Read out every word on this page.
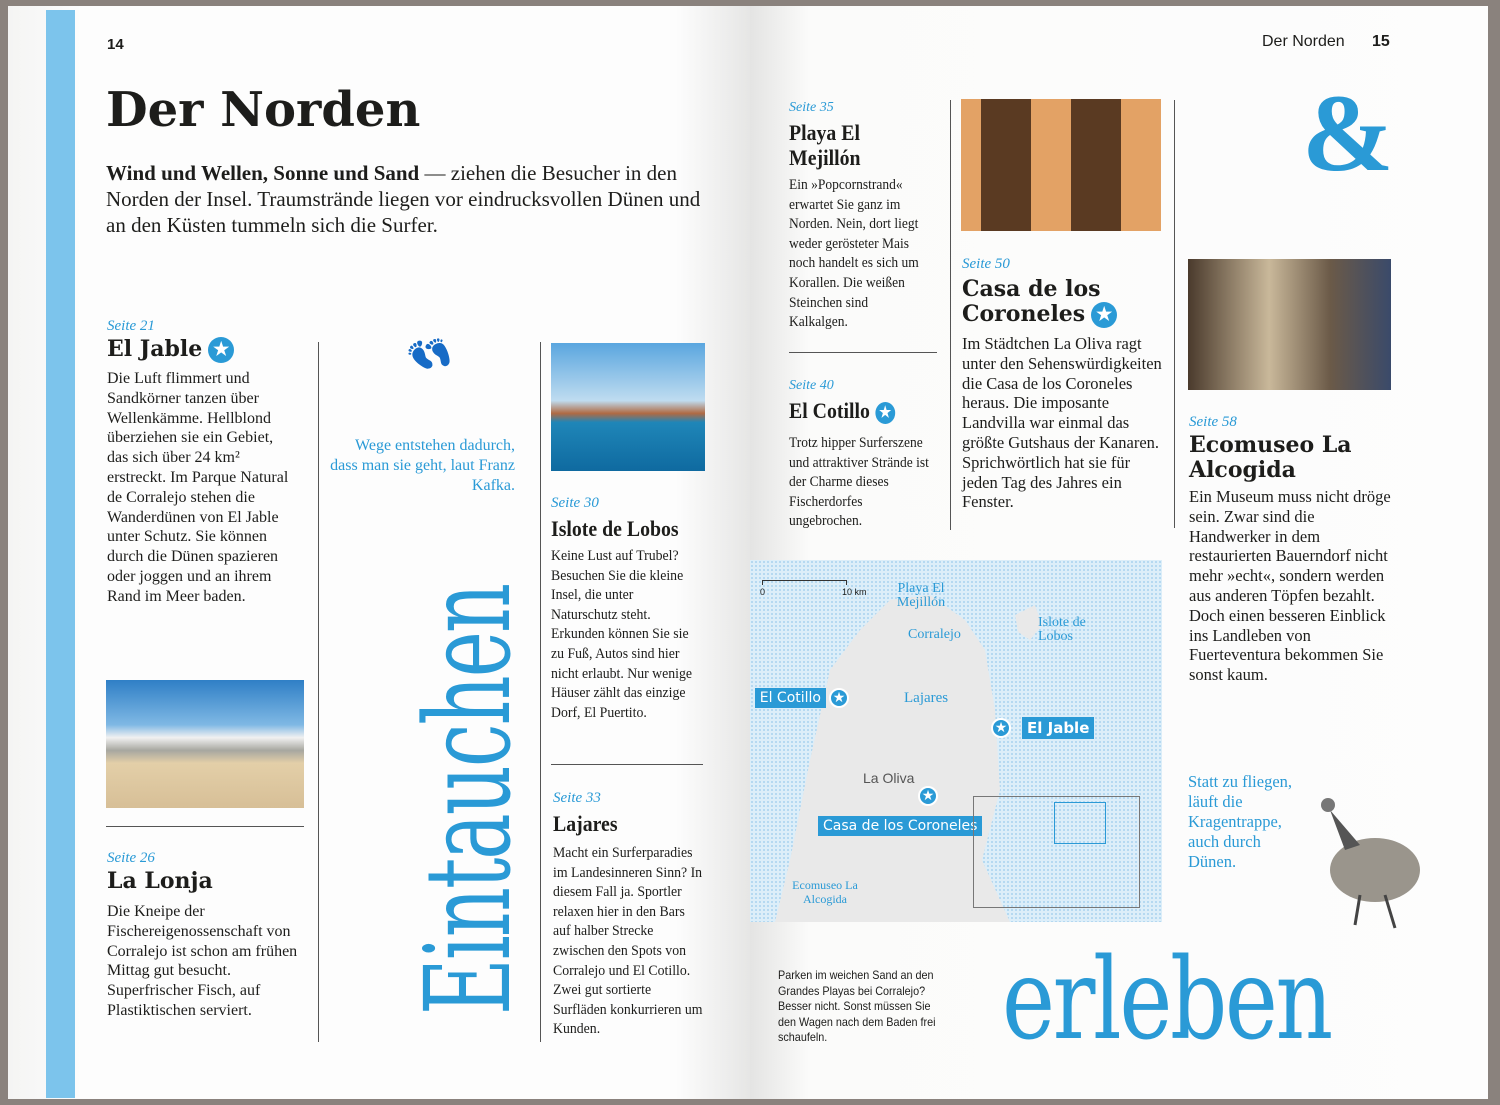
14
Der Norden
Wind und Wellen, Sonne und Sand — ziehen die Besucher in den Norden der Insel. Traumstrände liegen vor eindrucksvollen Dünen und an den Küsten tummeln sich die Surfer.
Seite 21
El Jable ★
Die Luft flimmert und Sandkörner tanzen über Wellenkämme. Hellblond überziehen sie ein Gebiet, das sich über 24 km² erstreckt. Im Parque Natural de Corralejo stehen die Wanderdünen von El Jable unter Schutz. Sie können durch die Dünen spazieren oder joggen und an ihrem Rand im Meer baden.
Seite 26
La Lonja
Die Kneipe der Fischereigenossenschaft von Corralejo ist schon am frühen Mittag gut besucht. Superfrischer Fisch, auf Plastiktischen serviert.
👣
Wege entstehen dadurch, dass man sie geht, laut Franz Kafka.
Eintauchen
Seite 30
Islote de Lobos
Keine Lust auf Trubel? Besuchen Sie die kleine Insel, die unter Naturschutz steht. Erkunden können Sie sie zu Fuß, Autos sind hier nicht erlaubt. Nur wenige Häuser zählt das einzige Dorf, El Puertito.
Seite 33
Lajares
Macht ein Surferparadies im Landesinneren Sinn? In diesem Fall ja. Sportler relaxen hier in den Bars auf halber Strecke zwischen den Spots von Corralejo und El Cotillo. Zwei gut sortierte Surfläden konkurrieren um Kunden.
Der Norden 15
Seite 35
Playa El Mejillón
Ein »Popcornstrand« erwartet Sie ganz im Norden. Nein, dort liegt weder gerösteter Mais noch handelt es sich um Korallen. Die weißen Steinchen sind Kalkalgen.
Seite 40
El Cotillo ★
Trotz hipper Surferszene und attraktiver Strände ist der Charme dieses Fischerdorfes ungebrochen.
Seite 50
Casa de los Coroneles ★
Im Städtchen La Oliva ragt unter den Sehenswürdigkeiten die Casa de los Coroneles heraus. Die imposante Landvilla war einmal das größte Gutshaus der Kanaren. Sprichwörtlich hat sie für jeden Tag des Jahres ein Fenster.
&
Seite 58
Ecomuseo La Alcogida
Ein Museum muss nicht dröge sein. Zwar sind die Handwerker in dem restaurierten Bauerndorf nicht mehr »echt«, sondern werden aus anderen Töpfen bezahlt. Doch einen besseren Einblick ins Landleben von Fuerteventura bekommen Sie sonst kaum.
Statt zu fliegen, läuft die Kragentrappe, auch durch Dünen.
0	10 km	Playa El Mejillón
Corralejo
Islote de Lobos
El Cotillo ★	Lajares
★	El Jable
La Oliva
★
Casa de los Coroneles
Ecomuseo La Alcogida
Parken im weichen Sand an den Grandes Playas bei Corralejo? Besser nicht. Sonst müssen Sie den Wagen nach dem Baden frei schaufeln.	erleben
